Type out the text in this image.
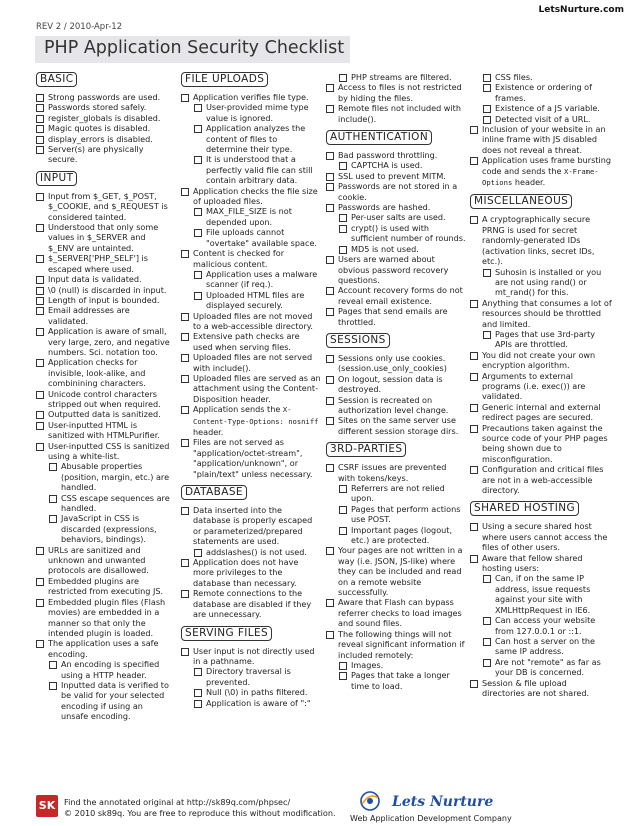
LetsNurture.com
REV 2 / 2010-Apr-12
PHP Application Security Checklist
BASIC
Strong passwords are used.
Passwords stored safely.
register_globals is disabled.
Magic quotes is disabled.
display_errors is disabled.
Server(s) are physically secure.
INPUT
Input from $_GET, $_POST, $_COOKIE, and $_REQUEST is considered tainted.
Understood that only some values in $_SERVER and $_ENV are untainted.
$_SERVER['PHP_SELF'] is escaped where used.
Input data is validated.
\0 (null) is discarded in input.
Length of input is bounded.
Email addresses are validated.
Application is aware of small, very large, zero, and negative numbers. Sci. notation too.
Application checks for invisible, look-alike, and combinining characters.
Unicode control characters stripped out when required.
Outputted data is sanitized.
User-inputted HTML is sanitized with HTMLPurifier.
User-inputted CSS is sanitized using a white-list.
Abusable properties (position, margin, etc.) are handled.
CSS escape sequences are handled.
JavaScript in CSS is discarded (expressions, behaviors, bindings).
URLs are sanitized and unknown and unwanted protocols are disallowed.
Embedded plugins are restricted from executing JS.
Embedded plugin files (Flash movies) are embedded in a manner so that only the intended plugin is loaded.
The application uses a safe encoding.
An encoding is specified using a HTTP header.
Inputted data is verified to be valid for your selected encoding if using an unsafe encoding.
FILE UPLOADS
Application verifies file type.
User-provided mime type value is ignored.
Application analyzes the content of files to determine their type.
It is understood that a perfectly valid file can still contain arbitrary data.
Application checks the file size of uploaded files.
MAX_FILE_SIZE is not depended upon.
File uploads cannot "overtake" available space.
Content is checked for malicious content.
Application uses a malware scanner (if req.).
Uploaded HTML files are displayed securely.
Uploaded files are not moved to a web-accessible directory.
Extensive path checks are used when serving files.
Uploaded files are not served with include().
Uploaded files are served as an attachment using the Content-Disposition header.
Application sends the X-Content-Type-Options: nosniff header.
Files are not served as "application/octet-stream", "application/unknown", or "plain/text" unless necessary.
DATABASE
Data inserted into the database is properly escaped or parameterized/prepared statements are used.
addslashes() is not used.
Application does not have more privileges to the database than necessary.
Remote connections to the database are disabled if they are unnecessary.
SERVING FILES
User input is not directly used in a pathname.
Directory traversal is prevented.
Null (\0) in paths filtered.
Application is aware of ":"
PHP streams are filtered.
Access to files is not restricted by hiding the files.
Remote files not included with include().
AUTHENTICATION
Bad password throttling.
CAPTCHA is used.
SSL used to prevent MITM.
Passwords are not stored in a cookie.
Passwords are hashed.
Per-user salts are used.
crypt() is used with sufficient number of rounds.
MD5 is not used.
Users are warned about obvious password recovery questions.
Account recovery forms do not reveal email existence.
Pages that send emails are throttled.
SESSIONS
Sessions only use cookies. (session.use_only_cookies)
On logout, session data is destroyed.
Session is recreated on authorization level change.
Sites on the same server use different session storage dirs.
3RD-PARTIES
CSRF issues are prevented with tokens/keys.
Referrers are not relied upon.
Pages that perform actions use POST.
Important pages (logout, etc.) are protected.
Your pages are not written in a way (i.e. JSON, JS-like) where they can be included and read on a remote website successfully.
Aware that Flash can bypass referrer checks to load images and sound files.
The following things will not reveal significant information if included remotely:
Images.
Pages that take a longer time to load.
CSS files.
Existence or ordering of frames.
Existence of a JS variable.
Detected visit of a URL.
Inclusion of your website in an inline frame with JS disabled does not reveal a threat.
Application uses frame bursting code and sends the X-Frame-Options header.
MISCELLANEOUS
A cryptographically secure PRNG is used for secret randomly-generated IDs (activation links, secret IDs, etc.).
Suhosin is installed or you are not using rand() or mt_rand() for this.
Anything that consumes a lot of resources should be throttled and limited.
Pages that use 3rd-party APIs are throttled.
You did not create your own encryption algorithm.
Arguments to external programs (i.e. exec()) are validated.
Generic internal and external redirect pages are secured.
Precautions taken against the source code of your PHP pages being shown due to misconfiguration.
Configuration and critical files are not in a web-accessible directory.
SHARED HOSTING
Using a secure shared host where users cannot access the files of other users.
Aware that fellow shared hosting users:
Can, if on the same IP address, issue requests against your site with XMLHttpRequest in IE6.
Can access your website from 127.0.0.1 or ::1.
Can host a server on the same IP address.
Are not "remote" as far as your DB is concerned.
Session & file upload directories are not shared.
SK	Find the annotated original at http://sk89q.com/phpsec/
© 2010 sk89q. You are free to reproduce this without modification.
Lets Nurture
Web Application Development Company
